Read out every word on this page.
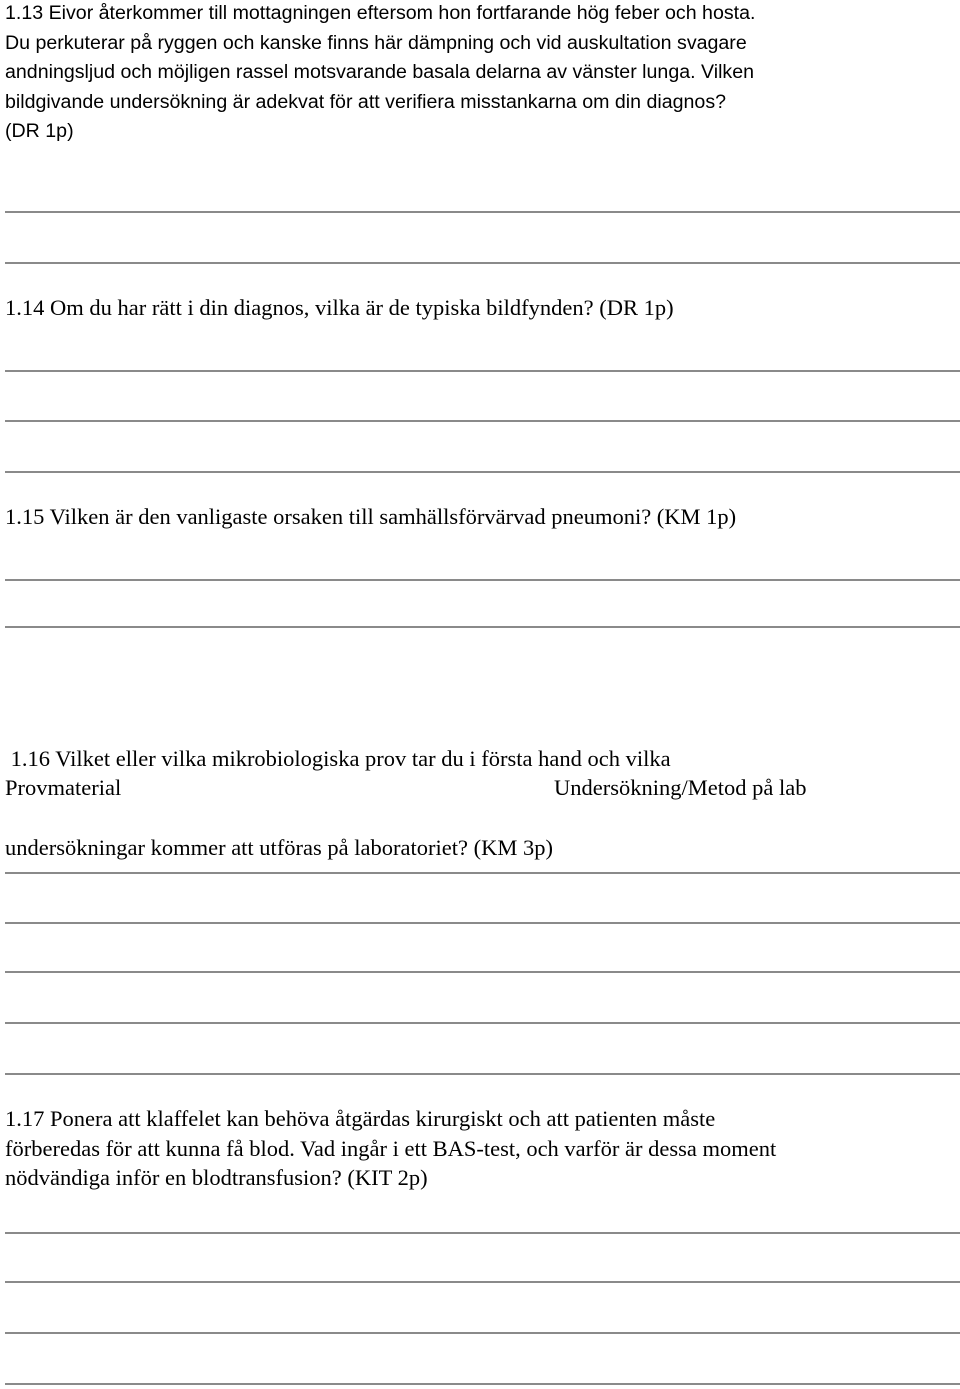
1.13 Eivor återkommer till mottagningen eftersom hon fortfarande hög feber och hosta.
Du perkuterar på ryggen och kanske finns här dämpning och vid auskultation svagare
andningsljud och möjligen rassel motsvarande basala delarna av vänster lunga. Vilken
bildgivande undersökning är adekvat för att verifiera misstankarna om din diagnos?
(DR 1p)
1.14 Om du har rätt i din diagnos, vilka är de typiska bildfynden? (DR 1p)
1.15 Vilken är den vanligaste orsaken till samhällsförvärvad pneumoni? (KM 1p)

1.16 Vilket eller vilka mikrobiologiska prov tar du i första hand och vilka

undersökningar kommer att utföras på laboratoriet? (KM 3p)

Provmaterial	Undersökning/Metod på lab
1.17 Ponera att klaffelet kan behöva åtgärdas kirurgiskt och att patienten måste
förberedas för att kunna få blod. Vad ingår i ett BAS-test, och varför är dessa moment
nödvändiga inför en blodtransfusion? (KIT 2p)
